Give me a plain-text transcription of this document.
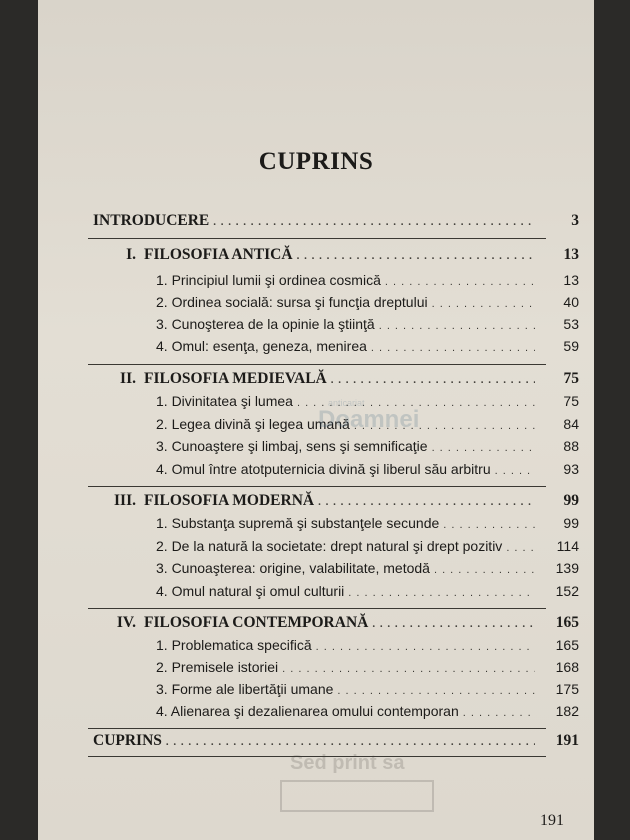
CUPRINS
INTRODUCERE . . .	3
I. FILOSOFIA ANTICĂ . . .	13
1. Principiul lumii şi ordinea cosmică . . .	13
2. Ordinea socială: sursa şi funcţia dreptului . . .	40
3. Cunoşterea de la opinie la ştiinţă . . .	53
4. Omul: esenţa, geneza, menirea . . .	59
II. FILOSOFIA MEDIEVALĂ . . .	75
1. Divinitatea şi lumea . . .	75
2. Legea divină şi legea umană . . .	84
3. Cunoaştere şi limbaj, sens şi semnificaţie . . .	88
4. Omul între atotputernicia divină şi liberul său arbitru . . .	93
III. FILOSOFIA MODERNĂ . . .	99
1. Substanţa supremă şi substanţele secunde . . .	99
2. De la natură la societate: drept natural şi drept pozitiv . . .	114
3. Cunoaşterea: origine, valabilitate, metodă . . .	139
4. Omul natural şi omul culturii . . .	152
IV. FILOSOFIA CONTEMPORANĂ . . .	165
1. Problematica specifică . . .	165
2. Premisele istoriei . . .	168
3. Forme ale libertăţii umane . . .	175
4. Alienarea şi dezalienarea omului contemporan . . .	182
CUPRINS . . .	191
anticariat
Doamnei
Sed print sa
191
